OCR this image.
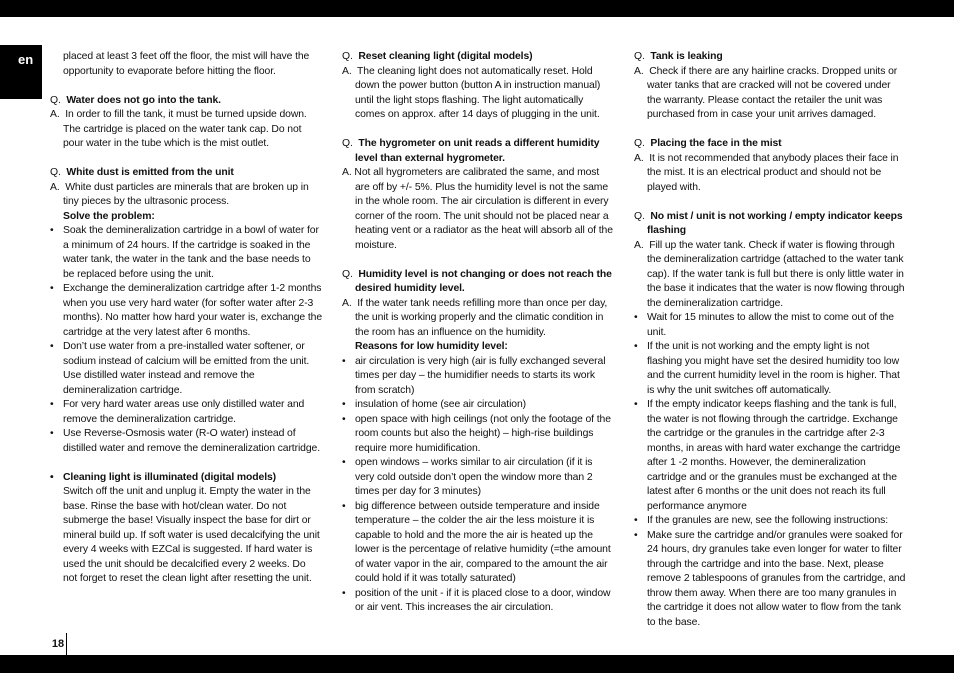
en	placed at least 3 feet off the floor, the mist will have the opportunity to evaporate before hitting the floor.

Q. Water does not go into the tank.

A. In order to fill the tank, it must be turned upside down. The cartridge is placed on the water tank cap. Do not pour water in the tube which is the mist outlet.

Q. White dust is emitted from the unit

A. White dust particles are minerals that are broken up in tiny pieces by the ultrasonic process.

Solve the problem:

• Soak the demineralization cartridge in a bowl of water for a minimum of 24 hours. If the cartridge is soaked in the water tank, the water in the tank and the base needs to be replaced before using the unit.

• Exchange the demineralization cartridge after 1-2 months when you use very hard water (for softer water after 2-3 months). No matter how hard your water is, exchange the cartridge at the very latest after 6 months.

• Don’t use water from a pre-installed water softener, or sodium instead of calcium will be emitted from the unit. Use distilled water instead and remove the demineralization cartridge.

• For very hard water areas use only distilled water and remove the demineralization cartridge.

• Use Reverse-Osmosis water (R-O water) instead of distilled water and remove the demineralization cartridge.

• Cleaning light is illuminated (digital models)

Switch off the unit and unplug it. Empty the water in the base. Rinse the base with hot/clean water. Do not submerge the base! Visually inspect the base for dirt or mineral build up. If soft water is used decalcifying the unit every 4 weeks with EZCal is suggested. If hard water is used the unit should be decalcified every 2 weeks. Do not forget to reset the clean light after resetting the unit.

Q. Reset cleaning light (digital models)

A. The cleaning light does not automatically reset. Hold down the power button (button A in instruction manual) until the light stops flashing. The light automatically comes on approx. after 14 days of plugging in the unit.

Q. The hygrometer on unit reads a different humidity level than external hygrometer.

A. Not all hygrometers are calibrated the same, and most are off by +/- 5%. Plus the humidity level is not the same in the whole room. The air circulation is different in every corner of the room. The unit should not be placed near a heating vent or a radiator as the heat will absorb all of the moisture.

Q. Humidity level is not changing or does not reach the desired humidity level.

A. If the water tank needs refilling more than once per day, the unit is working properly and the climatic condition in the room has an influence on the humidity.

Reasons for low humidity level:

• air circulation is very high (air is fully exchanged several times per day – the humidifier needs to starts its work from scratch)

• insulation of home (see air circulation)

• open space with high ceilings (not only the footage of the room counts but also the height) – high-rise buildings require more humidification.

• open windows – works similar to air circulation (if it is very cold outside don’t open the window more than 2 times per day for 3 minutes)

• big difference between outside temperature and inside temperature – the colder the air the less moisture it is capable to hold and the more the air is heated up the lower is the percentage of relative humidity (=the amount of water vapor in the air, compared to the amount the air could hold if it was totally saturated)

• position of the unit - if it is placed close to a door, window or air vent. This increases the air circulation.

Q. Tank is leaking

A. Check if there are any hairline cracks. Dropped units or water tanks that are cracked will not be covered under the warranty. Please contact the retailer the unit was purchased from in case your unit arrives damaged.

Q. Placing the face in the mist

A. It is not recommended that anybody places their face in the mist. It is an electrical product and should not be played with.

Q. No mist / unit is not working / empty indicator keeps flashing

A. Fill up the water tank. Check if water is flowing through the demineralization cartridge (attached to the water tank cap). If the water tank is full but there is only little water in the base it indicates that the water is now flowing through the demineralization cartridge.

• Wait for 15 minutes to allow the mist to come out of the unit.

• If the unit is not working and the empty light is not flashing you might have set the desired humidity too low and the current humidity level in the room is higher. That is why the unit switches off automatically.

• If the empty indicator keeps flashing and the tank is full, the water is not flowing through the cartridge. Exchange the cartridge or the granules in the cartridge after 2-3 months, in areas with hard water exchange the cartridge after 1 -2 months. However, the demineralization cartridge and or the granules must be exchanged at the latest after 6 months or the unit does not reach its full performance anymore

• If the granules are new, see the following instructions:

• Make sure the cartridge and/or granules were soaked for 24 hours, dry granules take even longer for water to filter through the cartridge and into the base. Next, please remove 2 tablespoons of granules from the cartridge, and throw them away. When there are too many granules in the cartridge it does not allow water to flow from the tank to the base.

18
